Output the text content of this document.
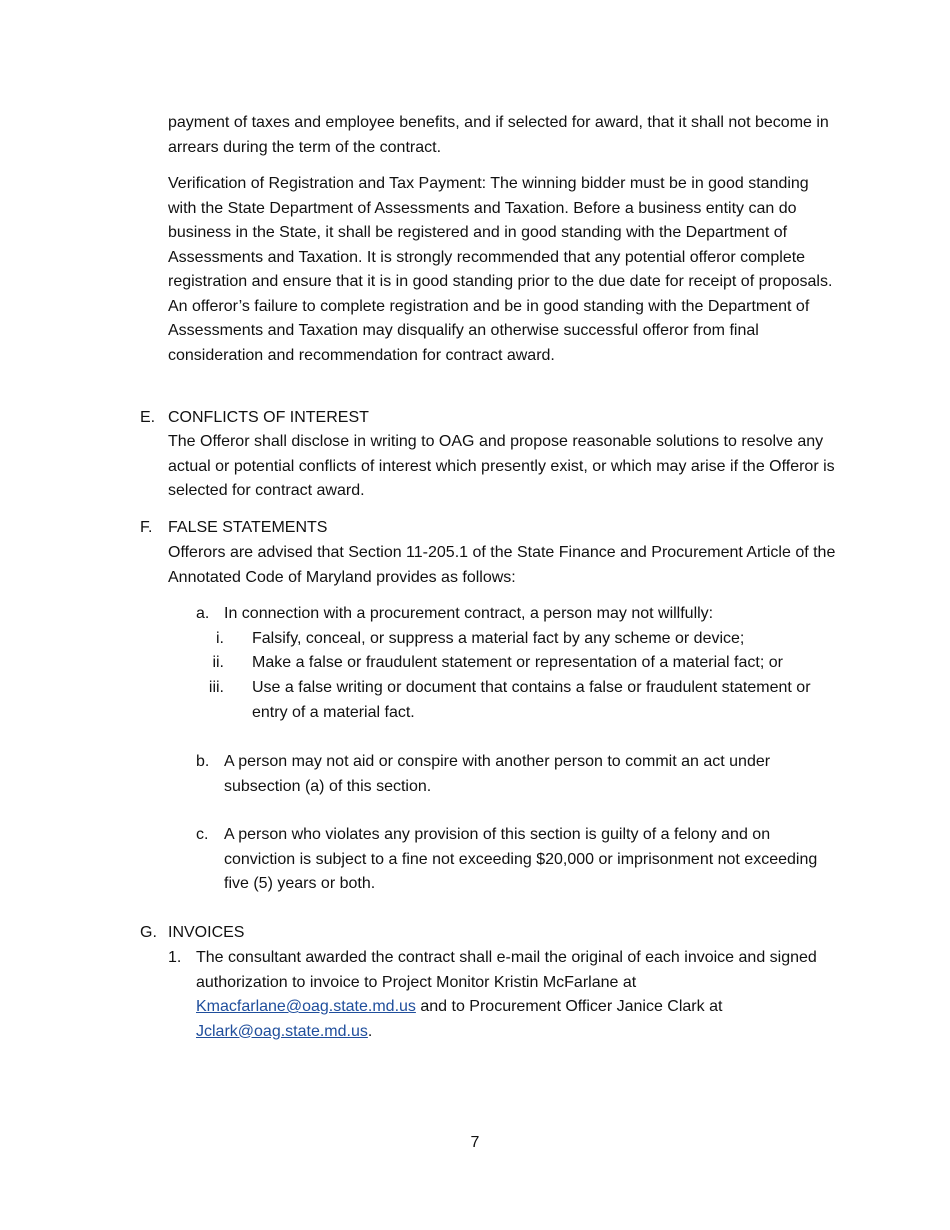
payment of taxes and employee benefits, and if selected for award, that it shall not become in arrears during the term of the contract.
Verification of Registration and Tax Payment: The winning bidder must be in good standing with the State Department of Assessments and Taxation. Before a business entity can do business in the State, it shall be registered and in good standing with the Department of Assessments and Taxation. It is strongly recommended that any potential offeror complete registration and ensure that it is in good standing prior to the due date for receipt of proposals. An offeror’s failure to complete registration and be in good standing with the Department of Assessments and Taxation may disqualify an otherwise successful offeror from final consideration and recommendation for contract award.
E. CONFLICTS OF INTEREST
The Offeror shall disclose in writing to OAG and propose reasonable solutions to resolve any actual or potential conflicts of interest which presently exist, or which may arise if the Offeror is selected for contract award.
F. FALSE STATEMENTS
Offerors are advised that Section 11-205.1 of the State Finance and Procurement Article of the Annotated Code of Maryland provides as follows:
a. In connection with a procurement contract, a person may not willfully:
i. Falsify, conceal, or suppress a material fact by any scheme or device;
ii. Make a false or fraudulent statement or representation of a material fact; or
iii. Use a false writing or document that contains a false or fraudulent statement or entry of a material fact.
b. A person may not aid or conspire with another person to commit an act under subsection (a) of this section.
c. A person who violates any provision of this section is guilty of a felony and on conviction is subject to a fine not exceeding $20,000 or imprisonment not exceeding five (5) years or both.
G. INVOICES
1. The consultant awarded the contract shall e-mail the original of each invoice and signed authorization to invoice to Project Monitor Kristin McFarlane at Kmacfarlane@oag.state.md.us and to Procurement Officer Janice Clark at Jclark@oag.state.md.us.
7
